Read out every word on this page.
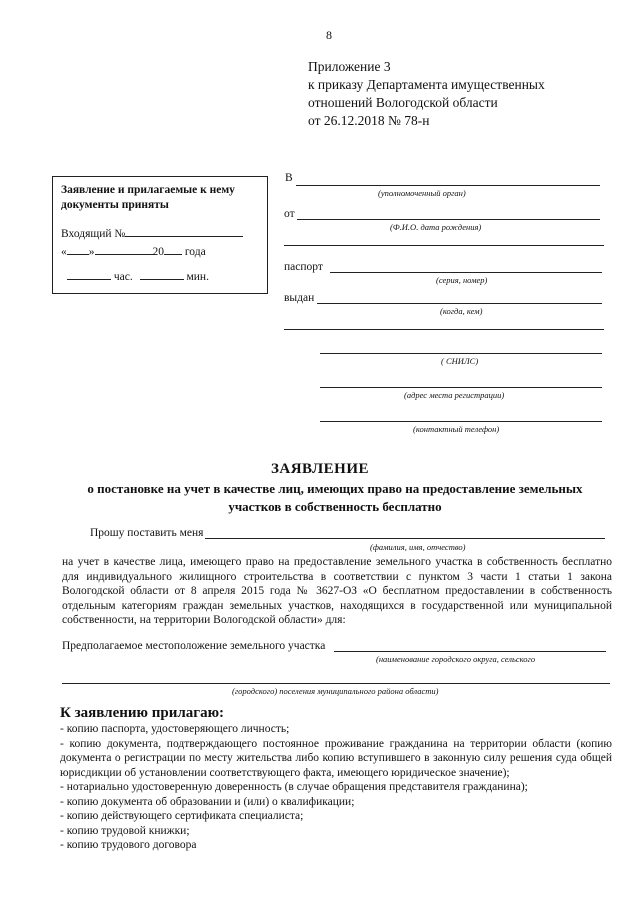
8
Приложение 3
к приказу Департамента имущественных
отношений Вологодской области
от 26.12.2018 № 78-н
Заявление и прилагаемые к нему документы приняты
Входящий №
« »	20 года
час.	мин.
В
(уполномоченный орган)
от
(Ф.И.О. дата рождения)
паспорт
(серия, номер)
выдан
(когда, кем)
( СНИЛС)
(адрес места регистрации)
(контактный телефон)
ЗАЯВЛЕНИЕ
о постановке на учет в качестве лиц, имеющих право на предоставление земельных участков в собственность бесплатно
Прошу поставить меня
(фамилия, имя, отчество)
на учет в качестве лица, имеющего право на предоставление земельного участка в собственность бесплатно для индивидуального жилищного строительства в соответствии с пунктом 3 части 1 статьи 1 закона Вологодской области от 8 апреля 2015 года № 3627-ОЗ «О бесплатном предоставлении в собственность отдельным категориям граждан земельных участков, находящихся в государственной или муниципальной собственности, на территории Вологодской области» для:
Предполагаемое местоположение земельного участка
(наименование городского округа, сельского
(городского) поселения муниципального района области)
К заявлению прилагаю:
- копию паспорта, удостоверяющего личность;
- копию документа, подтверждающего постоянное проживание гражданина на территории области (копию документа о регистрации по месту жительства либо копию вступившего в законную силу решения суда общей юрисдикции об установлении соответствующего факта, имеющего юридическое значение);
- нотариально удостоверенную доверенность (в случае обращения представителя гражданина);
- копию документа об образовании и (или) о квалификации;
- копию действующего сертификата специалиста;
- копию трудовой книжки;
- копию трудового договора
